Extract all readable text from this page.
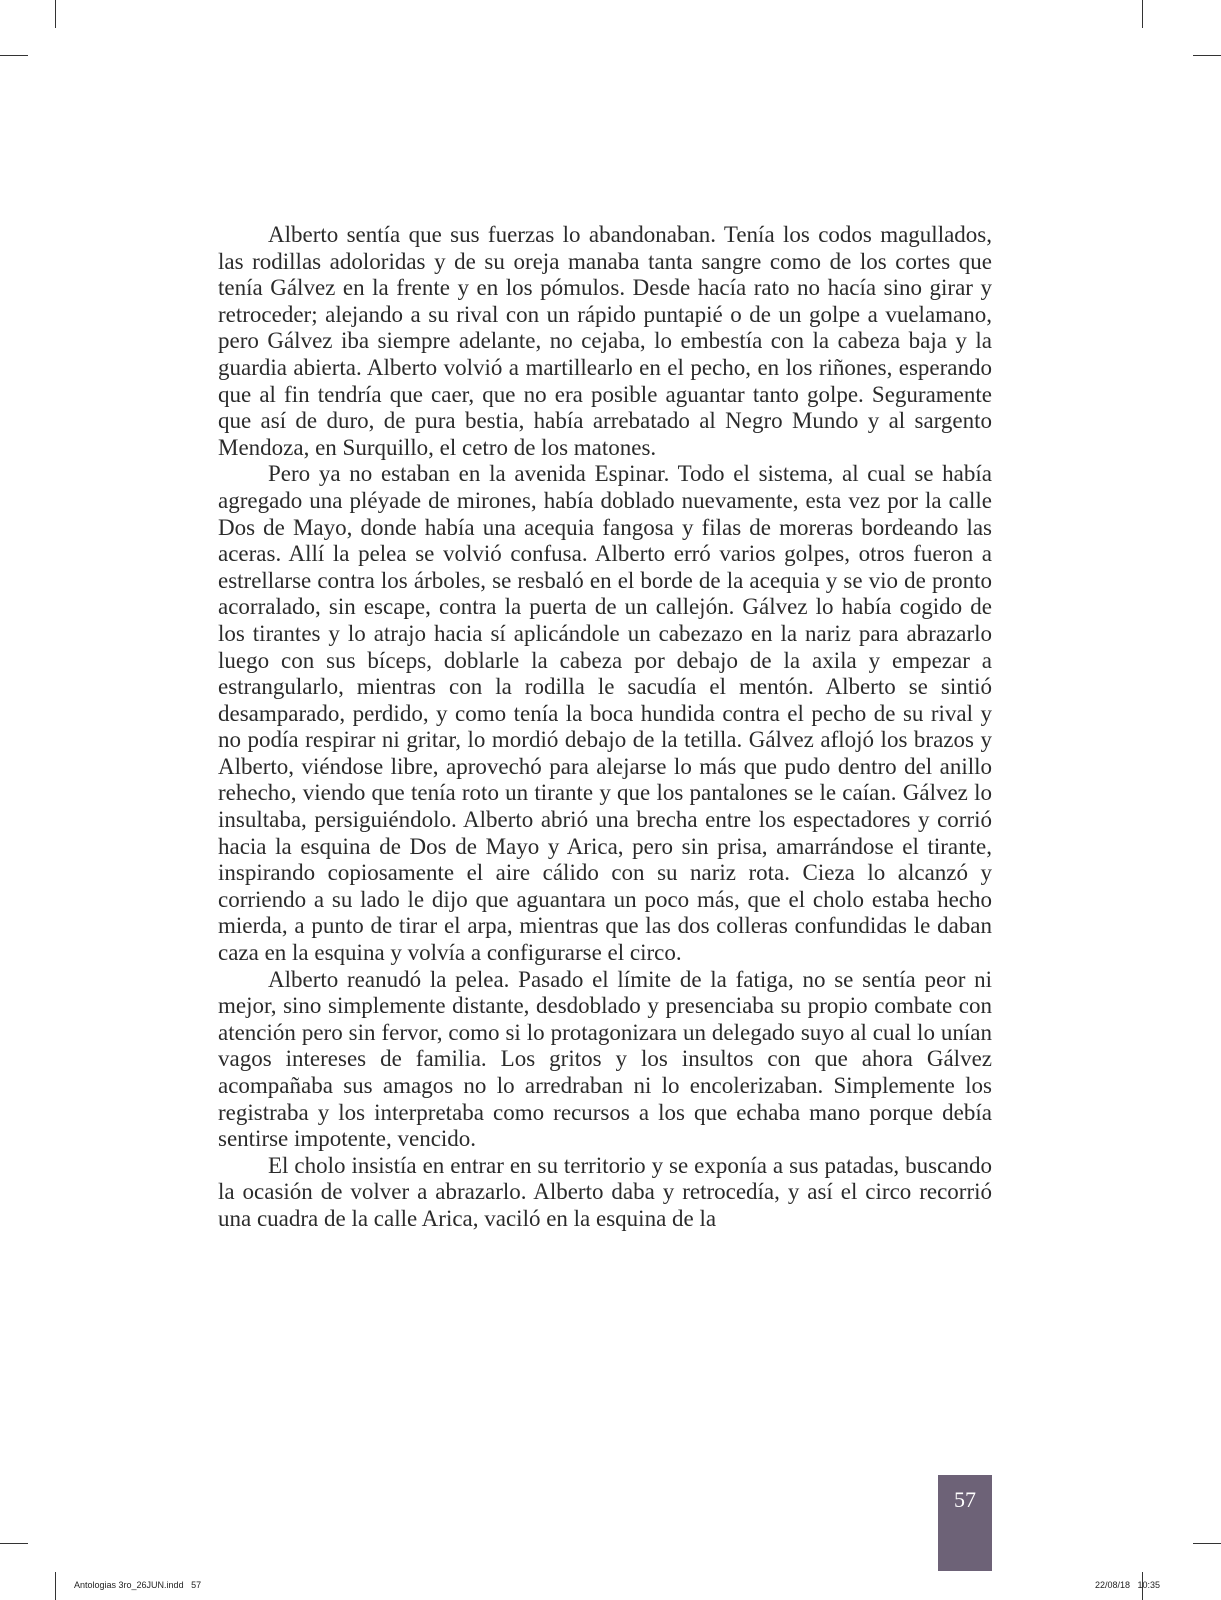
Alberto sentía que sus fuerzas lo abandonaban. Tenía los codos magullados, las rodillas adoloridas y de su oreja manaba tanta sangre como de los cortes que tenía Gálvez en la frente y en los pómulos. Desde hacía rato no hacía sino girar y retroceder; alejando a su rival con un rápido puntapié o de un golpe a vuelamano, pero Gálvez iba siempre adelante, no cejaba, lo embestía con la cabeza baja y la guardia abierta. Alberto volvió a martillearlo en el pecho, en los riñones, esperando que al fin tendría que caer, que no era posible aguantar tanto golpe. Seguramente que así de duro, de pura bestia, había arrebatado al Negro Mundo y al sargento Mendoza, en Surquillo, el cetro de los matones.

Pero ya no estaban en la avenida Espinar. Todo el sistema, al cual se había agregado una pléyade de mirones, había doblado nuevamente, esta vez por la calle Dos de Mayo, donde había una acequia fangosa y filas de moreras bordeando las aceras. Allí la pelea se volvió confusa. Alberto erró varios golpes, otros fueron a estrellarse contra los árboles, se resbaló en el borde de la acequia y se vio de pronto acorralado, sin escape, contra la puerta de un callejón. Gálvez lo había cogido de los tirantes y lo atrajo hacia sí aplicándole un cabezazo en la nariz para abrazarlo luego con sus bíceps, doblarle la cabeza por debajo de la axila y empezar a estrangularlo, mientras con la rodilla le sacudía el mentón. Alberto se sintió desamparado, perdido, y como tenía la boca hundida contra el pecho de su rival y no podía respirar ni gritar, lo mordió debajo de la tetilla. Gálvez aflojó los brazos y Alberto, viéndose libre, aprovechó para alejarse lo más que pudo dentro del anillo rehecho, viendo que tenía roto un tirante y que los pantalones se le caían. Gálvez lo insultaba, persiguiéndolo. Alberto abrió una brecha entre los espectadores y corrió hacia la esquina de Dos de Mayo y Arica, pero sin prisa, amarrándose el tirante, inspirando copiosamente el aire cálido con su nariz rota. Cieza lo alcanzó y corriendo a su lado le dijo que aguantara un poco más, que el cholo estaba hecho mierda, a punto de tirar el arpa, mientras que las dos colleras confundidas le daban caza en la esquina y volvía a configurarse el circo.

Alberto reanudó la pelea. Pasado el límite de la fatiga, no se sentía peor ni mejor, sino simplemente distante, desdoblado y presenciaba su propio combate con atención pero sin fervor, como si lo protagonizara un delegado suyo al cual lo unían vagos intereses de familia. Los gritos y los insultos con que ahora Gálvez acompañaba sus amagos no lo arredraban ni lo encolerizaban. Simplemente los registraba y los interpretaba como recursos a los que echaba mano porque debía sentirse impotente, vencido.

El cholo insistía en entrar en su territorio y se exponía a sus patadas, buscando la ocasión de volver a abrazarlo. Alberto daba y retrocedía, y así el circo recorrió una cuadra de la calle Arica, vaciló en la esquina de la

57
Antologias 3ro_26JUN.indd   57	22/08/18   10:35
